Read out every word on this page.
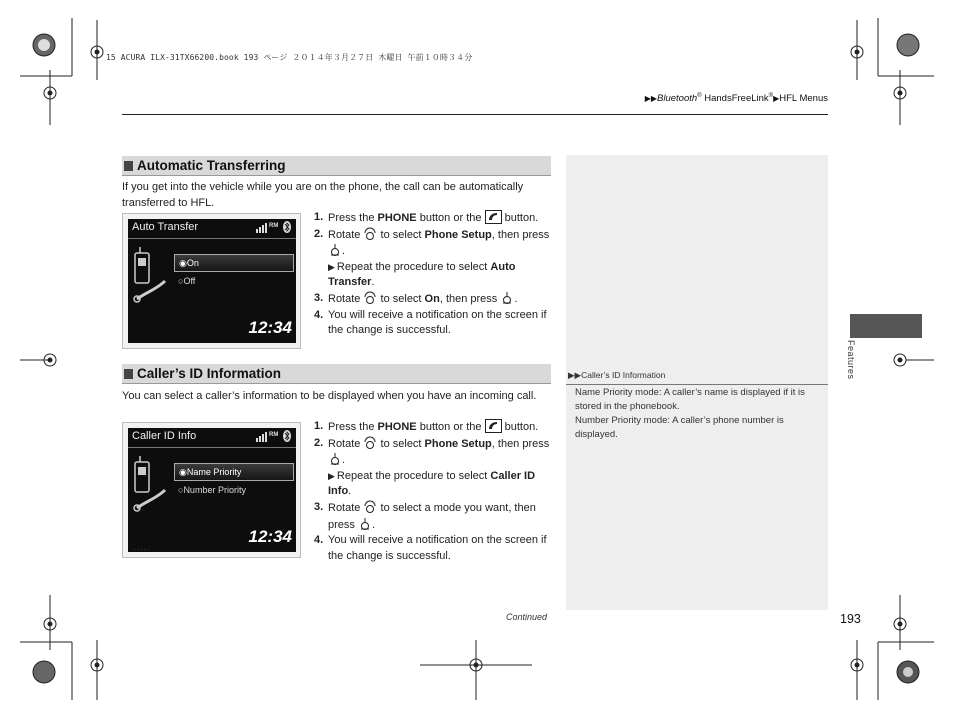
15 ACURA ILX-31TX66200.book 193 ページ ２０１４年３月２７日 木曜日 午前１０時３４分
▶▶Bluetooth® HandsFreeLink®▶HFL Menus
Features
Automatic Transferring
If you get into the vehicle while you are on the phone, the call can be automatically transferred to HFL.
Auto Transfer	RM
◉On
○Off
12:34
1. Press the PHONE button or the  button.
2. Rotate  to select Phone Setup, then press .
▶ Repeat the procedure to select Auto Transfer.
3. Rotate  to select On, then press .
4. You will receive a notification on the screen if the change is successful.
Caller’s ID Information
You can select a caller’s information to be displayed when you have an incoming call.
Caller ID Info	RM
◉Name Priority
○Number Priority
12:34
. . . . .
1. Press the PHONE button or the  button.
2. Rotate  to select Phone Setup, then press .
▶ Repeat the procedure to select Caller ID Info.
3. Rotate  to select a mode you want, then press .
4. You will receive a notification on the screen if the change is successful.
▶▶Caller’s ID Information
Name Priority mode: A caller’s name is displayed if it is stored in the phonebook.
Number Priority mode: A caller’s phone number is displayed.
Continued	193
